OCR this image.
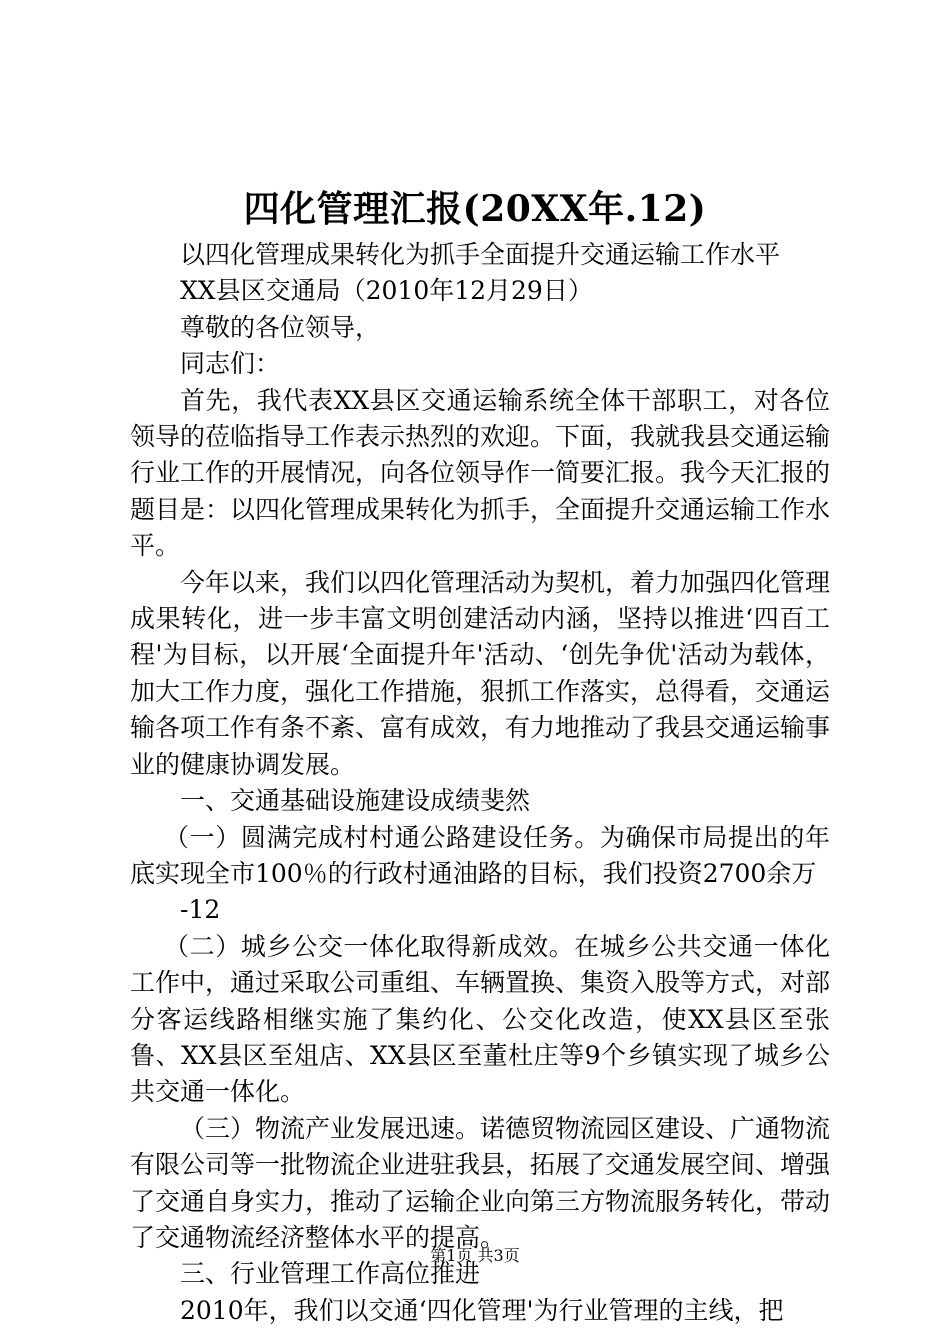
四化管理汇报(20XX年.12)

以四化管理成果转化为抓手全面提升交通运输工作水平

XX县区交通局（2010年12月29日）

尊敬的各位领导，

同志们：

首先，我代表XX县区交通运输系统全体干部职工，对各位领导的莅临指导工作表示热烈的欢迎。下面，我就我县交通运输行业工作的开展情况，向各位领导作一简要汇报。我今天汇报的题目是：以四化管理成果转化为抓手，全面提升交通运输工作水平。

今年以来，我们以四化管理活动为契机，着力加强四化管理成果转化，进一步丰富文明创建活动内涵，坚持以推进‘四百工程'为目标，以开展‘全面提升年'活动、‘创先争优'活动为载体，加大工作力度，强化工作措施，狠抓工作落实，总得看，交通运输各项工作有条不紊、富有成效，有力地推动了我县交通运输事业的健康协调发展。

一、交通基础设施建设成绩斐然

（一）圆满完成村村通公路建设任务。为确保市局提出的年底实现全市100％的行政村通油路的目标，我们投资2700余万

-12

（二）城乡公交一体化取得新成效。在城乡公共交通一体化工作中，通过采取公司重组、车辆置换、集资入股等方式，对部分客运线路相继实施了集约化、公交化改造，使XX县区至张鲁、XX县区至俎店、XX县区至董杜庄等9个乡镇实现了城乡公共交通一体化。

（三）物流产业发展迅速。诺德贸物流园区建设、广通物流有限公司等一批物流企业进驻我县，拓展了交通发展空间、增强了交通自身实力，推动了运输企业向第三方物流服务转化，带动了交通物流经济整体水平的提高。

三、行业管理工作高位推进

2010年，我们以交通‘四化管理'为行业管理的主线，把

第1页 共3页
